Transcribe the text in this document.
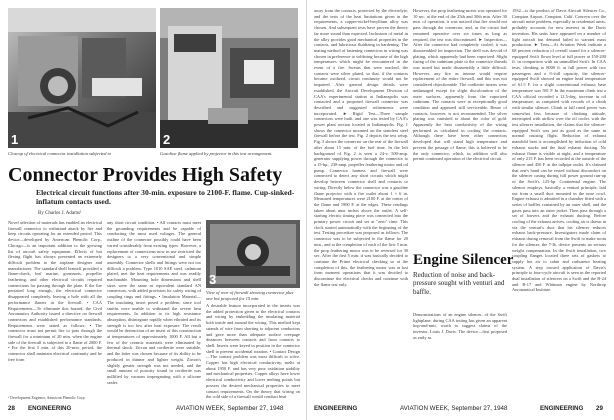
1	2
Closeup of electrical connector installation subjected to	Gasoline flame applied by projector in this test arrangement.
Connector Provides High Safety
Electrical circuit functions after 30-min. exposure to 2100-F. flame. Cup-sinked-inflatum contacts used.
By Charles J. Adams¹

Novel selection of materials has enabled an electrical firewall connector to withstand attack by fire and keep circuits operating for an extended period. This device—developed by American Phenolic Corp., Chicago—is an important addition to the growing list of aircraft safety equipment. Effects of hot flexing flight has always presented an extremely difficult problem to the airplane designer and manufacturer. The standard shell himself provided a flame-check, leaf marine, grommets, propeller feathering, and other electrical circuits required connections for passing through the plate. If the fire persisted long enough, the electrical connector disappeared completely, leaving a hole with all the performance flames in the firewall. • CAA Requirements—To eliminate this hazard, the Civil Aeronautics Authority issued a directive on firewall connectors and established performance standards. Requirements were stated as follows: • The connector must not permit fire to pass through the firewall for a minimum of 20 min. when the engine side of the firewall is subjected to a flame of 2000 F. • For the first 5 min. of this 20-min. period, the connector shall maintain electrical continuity and be free from

any short circuit condition. • All contacts must meet the grounding requirements and be capable of conducting the most used voltages. The general outline of the connector possibly could have been varied considerably from existing types. However, a replacement of connections now in use restricted the designers to a very conventional and simple assembly. Connector shells and fittings were not too difficult a problem. Type 1010 SAE steel, cadmium plated, met the heat requirements and was readily machinable. Mounting hole dimensions and shell sizes were the same as equivalent standard AN connectors, with added provision for safety wiring of coupling rings and fittings. • Insulation Material—The insulating insert posed a problem, since tool smiths were unable to withstand the severe heat requirements. In addition to its high resistance absorption, disintegrate rapidly when vibrated and its strength is too low after heat exposure. The result would be destruction of an insert of this construction at temperatures of approximately 1000 F. All but a few of the ceramic materials were eliminated by thermal shock. Zircon and cordierite were suitable, and the latter was chosen because of its ability to be produced in thinner and lighter weight. Zircon's slightly greater strength was not needed, and the small amount of porosity found in cordierite was nullified by vacuum impregnating with a silicone sealer.

¹ Development Engineer, American Phenolic Corp.
3
View of rear of firewall showing connector plus one hot projected for 15 min.

A desirable feature incorporated in the inserts was the added protection given to the electrical contacts and wiring by embedding the insulating material both inside and around the wiring. This method kept strands of wire from shorting to adjacent conductors and gave more than adequate surface creepage distances between contacts and from contacts to shell. Inserts were keyed in position in the connector shell to prevent accidental rotation. • Contact Design—The contact problem was most difficult to solve. Copper has high electrical conductivity, melts at about 1950 F. and has very poor oxidation stability and mechanical properties. Copper alloys have lower electrical conductivity and lower melting points but possess the desired mechanical properties to meet contact requirements. On the theory that wiring on the cold side of a firewall would conduct heat

28 ENGINEERING	AVIATION WEEK, September 27, 1948

away from the contacts, protected by the electrolyte, and the tests of the heat limitations given in the requirements, a copper-nickel-beryllium alloy was chosen. And subsequent tests have proven the theory far more sound than expected. Inclusions of metal in the alloy provides good mechanical properties in the contacts, and lubricious fluidizing in hardening. The mating method of fastening connectors in wiring was chosen in preference to soldering because of the high temperatures which might be encountered in the event of a fire. Sweats that were reached, the contacts were silver plated, so that, if the contacts became oxidized, circuit continuity would not be impaired. After general design details were established, the Aircraft Development Division of CAA's experimental station at Indianapolis was contacted and a proposed firewall connector was described and suggested refinements were incorporated. ► Rigid Test—Three sample connectors were built, and one was tested by CAA's power plant section located at Indianapolis. Fig. 1 shows the connector mounted on the stainless steel firewall before the test. Fig. 2 depicts the test setup. Fig. 3 shows the connector on the rear of the firewall after about 15 min. of the fuel time. In the left background of Fig. 2 is seen a 24-v, 500-amp. generator supplying power through the connector to a 15-hp., 230-amp. propeller feathering motor and oil pump. Connector harness and firewall were connected to detect any short circuits which might develop between connector shell and contacts or wiring. Directly below the connector was a gasoline flame projector with a fire outlet about 1 × 6 in. Measured temperatures were 2100 F. at the center of the flame and 1900 F. at the edges. These readings taken about nine inches above the outlet. A self-starting electric timing piece was connected into the primary power circuit and set at "zero" time. This clock started automatically with the beginning of the test. Testing procedure was proposed as follows: The connector was to be subjected to the flame for 20 min., and at the completion of each of the first 5 min. the prop feathering motor was to be reversed for 30 sec. After the first 5 min. it was basically decided to continue the Prime electrical checking so at the completion of this, the feathering motor was at lost from moment operations that it was decided to discontinue the electrical checks and continue with the flame test only.

However, the prop feathering motor was operated for 10 sec. at the end of the 25th and 30th min. After 30 min. of operation, it was noticed that fire would not pass through the connector, and, as the circuit had remained operative over six times as long as required, the test was discontinued. ► Inspection—After the connector had completely cooled, it was disassembled for inspection. The shell was devoid of plating, which apparently had been vaporized. Slight fusing of the cadmium plate to the connector threads was noted but made disassembly a little difficult. However, any fire as intense would require replacement of the entire firewall, and this was not considered objectionable. The cordierite inserts were undamaged except for slight discoloration of the outer surfaces, apparently from the vaporized cadmium. The contacts were in exceptionally good condition and appeared still serviceable. Reuse of contacts, however, is not recommended. The silver plating was vanished to about the color of gold. Apparently the heat conductivity of the wiring performed as calculated in cooling the contacts. Although there have been other connectors developed that will stand high temperature and prevent the passage of flame, this is believed to be the only connector, which, in addition will also permit continued operation of the electrical circuit.

Engine Silencer
Reduction of noise and back-pressure sought with venturi and baffle.

Demonstrations of an engine silencer, of the Swift lightplane, during CAA testing has given an apparent hop-and-unit, worth to suggest claims of the inventor, Louis J. Davis. The device—first proposed as early as

1932—is the product of Davis Aircraft Silencer Co., Compton Airport, Compton, Calif. Concern over the aircraft noise problem, especially in residential areas, probably accounts for new interest in the Davis invention. His units have appeared on a number of light aircraft but demand failed to warrant mass production. ► Tests—At Aviation Week indicate a 68 percent reduction of overall sound for a silencer-equipped Swift flown level at full power at 150-200 ft. in comparison with an unmuffled Swift. In CAA tests, climbing to 8000 ft. at full power with two passengers and a ⅔-full capacity, the silencer-equipped Swift showed an engine head temperature of 61.5 F. for a slight conventional exhaust; base temperature was 581 F. In the maximum climb test a CAA official recorded a 12.5-deg. increase in oil temperature, as compared with records of a climb with similar silencer. Climb at full rated power was somewhat less because of climbing attitude, interrupted with airflow over the oil cooler, with the test silencer installation, the claims that the silencer-equipped Swift was just as good as the same in normal cruising flight. Reduction of exhaust manifold heat is accomplished by induction of cold exhaust stacks and the final exhaust ducting. No exhaust flame is visible at night, and a temperature of only 215 F. has been recorded at the outside of the silencer and 450 F. at the tailpipe outlet. It's claimed that one's hand can be rested without discomfort on the silencer casing during full power ground run-up of the Swift's 125-hp. Continental engine. The silencer employs, basically, a venturi principle, laid out from a small duct mounted in the nose cowl. Engine exhaust is admitted in a chamber fitted with a series of baffles contained by an outer shell, and the gases pass into an outer jacket. Then pass through a set of louvers and the exhaust ducting. Before cooling of the exhaust arrives, cooling air is drawn in via the venturi's duct that his silencer reduces exhaust back-pressure. Investigators made claim of exhaust during removal from the Swift to make room for the silencer, the 7-lb. device presents no serious weight compensation. In the Swift installation, two coupling flanges located three sets of gaskets to supply hot air to cabin and carburetor heating system. A step toward application of Davis's principle to four-cycle aircraft is seen in the reported dual installation of silencers on a Swift and the B-24 and B-17 and Whitman engine by Northrop Aeronautical Institute.

ENGINEERING	AVIATION WEEK, September 27, 1948	ENGINEERING 29
